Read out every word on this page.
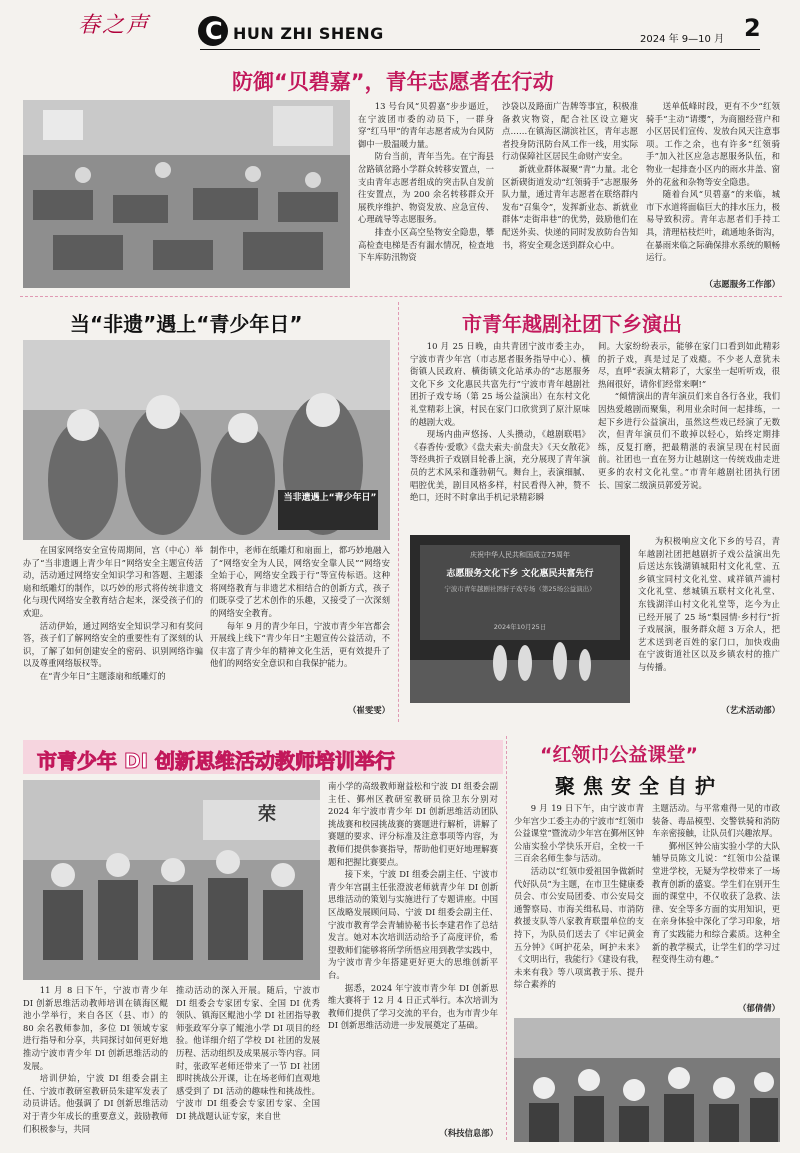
春之声 C HUN ZHI SHENG	2024 年 9—10 月 2
防御“贝碧嘉”，青年志愿者在行动

13 号台风“贝碧嘉”步步逼近，在宁波团市委的动员下，一群身穿“红马甲”的青年志愿者成为台风防御中一股温暖力量。

防台当前，青年当先。在宁海县岔路镇岔路小学群众转移安置点，一支由青年志愿者组成的突击队自发前往安置点，为 200 余名转移群众开展秩序维护、物资发放、应急宣传、心理疏导等志愿服务。

排查小区高空坠物安全隐患，攀高检查电梯是否有漏水情况，检查地下车库防汛物资

沙袋以及路面广告牌等事宜，积极准备救灾物资，配合社区设立避灾点……在镇海区湖滨社区，青年志愿者投身防汛防台风工作一线，用实际行动保障社区居民生命财产安全。

新就业群体凝聚“青”力量。北仑区新碶街道发动“红领骑手”志愿服务队力量，通过青年志愿者在联络群内发布“召集令”，发挥新业态、新就业群体“走街串巷”的优势，鼓励他们在配送外卖、快递的同时发放防台告知书，将安全观念送到群众心中。

送单低峰时段，更有不少“红领骑手”主动“请缨”，为商圈经营户和小区居民们宣传、发放台风天注意事项。工作之余，也有许多“红领骑手”加入社区应急志愿服务队伍，和物业一起排查小区内的雨水井盖、窗外的花盆和杂物等安全隐患。

随着台风“贝碧嘉”的来临，城市下水道将面临巨大的排水压力，极易导致积涝。青年志愿者们手持工具，清理枯枝烂叶，疏通地条街沟，在暴雨来临之际确保排水系统的顺畅运行。

（志愿服务工作部）
当“非遗”遇上“青少年日”
当非遗遇上“青少年日”

在国家网络安全宣传周期间，宫（中心）举办了“当非遗遇上青少年日”网络安全主题宣传活动，活动通过网络安全知识学习和答题、主题漆扇和纸雕灯的制作，以巧妙的形式将传统非遗文化与现代网络安全教育结合起来，深受孩子们的欢迎。

活动伊始，通过网络安全知识学习和有奖问答，孩子们了解网络安全的重要性有了深刻的认识，了解了如何创建安全的密码、识别网络诈骗以及尊重网络版权等。

在“青少年日”主题漆扇和纸雕灯的

制作中，老师在纸雕灯和扇面上，都巧妙地融入了“网络安全为人民，网络安全靠人民”“网络安全始于心，网络安全践于行”等宣传标语。这种将网络教育与非遗艺术相结合的创新方式，孩子们既享受了艺术创作的乐趣，又接受了一次深刻的网络安全教育。

每年 9 月的青少年日，宁波市青少年宫都会开展线上线下“青少年日”主题宣传公益活动，不仅丰富了青少年的精神文化生活，更有效提升了他们的网络安全意识和自我保护能力。

（崔雯雯）
市青年越剧社团下乡演出

10 月 25 日晚，由共青团宁波市委主办，宁波市青少年宫（市志愿者服务指导中心）、横街镇人民政府、横街镇文化站承办的“志愿服务文化下乡 文化惠民共富先行”宁波市青年越剧社团折子戏专场（第 25 场公益演出）在东村文化礼堂精彩上演，村民在家门口欣赏到了原汁原味的越剧大戏。

现场内曲声悠扬、人头攒动，《越剧联唱》《春香传·爱歌》《盘夫索夫·前盘夫》《天女散花》等经典折子戏剧目轮番上演，充分展现了青年演员的艺术风采和蓬勃朝气。舞台上，表演细腻、唱腔优美，剧目风格多样，村民看得入神，赞不绝口，还时不时拿出手机记录精彩瞬

间。大家纷纷表示，能够在家门口看到如此精彩的折子戏，真是过足了戏瘾。不少老人意犹未尽，直呼“表演太精彩了，大家坐一起听听戏，很热闹很好，请你们经常来啊!”

“倾情演出的青年演员们来自各行各业，我们因热爱越剧而聚集，利用业余时间一起排练，一起下乡进行公益演出，虽然这些戏已经演了无数次，但青年演员们不敢掉以轻心，始终定期排练，反复打磨，把最精湛的表演呈现在村民面前。社团也一直在努力让越剧这一传统戏曲走进更多的农村文化礼堂。”市青年越剧社团执行团长、国家二级演员郭爱芳说。

庆祝中华人民共和国成立75周年
志愿服务文化下乡 文化惠民共富先行
宁波市青年越剧社团折子戏专场（第25场公益演出）
2024年10月25日

为积极响应文化下乡的号召，青年越剧社团把越剧折子戏公益演出先后送达东钱湖镇城阳村文化礼堂、五乡镇宝同村文化礼堂、咸祥镇芦浦村文化礼堂、慈城镇五联村文化礼堂、东钱湖洋山村文化礼堂等，迄今为止已经开展了 25 场“梨园情·乡村行”折子戏展演，服务群众超 3 万余人，把艺术送到老百姓的家门口，加快戏曲在宁波街道社区以及乡镇农村的推广与传播。

（艺术活动部）
市青少年 DI 创新思维活动教师培训举行
荣

11 月 8 日下午，宁波市青少年 DI 创新思维活动教师培训在镇海区鲲池小学举行，来自各区（县、市）的 80 余名教师参加，多位 DI 领域专家进行指导和分享，共同探讨如何更好地推动宁波市青少年 DI 创新思维活动的发展。

培训伊始，宁波 DI 组委会副主任、宁波市教研室教研员朱建军发表了动员讲话。他强调了 DI 创新思维活动对于青少年成长的重要意义，鼓励教师们积极参与，共同

推动活动的深入开展。随后，宁波市 DI 组委会专家团专家、全国 DI 优秀领队、镇海区鲲池小学 DI 社团指导教师张政军分享了鲲池小学 DI 项目的经验。他详细介绍了学校 DI 社团的发展历程、活动组织及成果展示等内容。同时，张政军老师还带来了一节 DI 社团即时挑战公开课，让在场老师们直观地感受到了 DI 活动的趣味性和挑战性。宁波市 DI 组委会专家团专家、全国 DI 挑战题认证专家，来自世

南小学的高级教师谢益松和宁波 DI 组委会副主任、鄞州区教研室教研员徐卫东分别对 2024 年宁波市青少年 DI 创新思维活动团队挑战赛和校园挑战赛的赛题进行解析，讲解了赛题的要求、评分标准及注意事项等内容，为教师们提供参赛指导，帮助他们更好地理解赛题和把握比赛要点。

接下来，宁波 DI 组委会副主任、宁波市青少年宫副主任张澄波老师就青少年 DI 创新思维活动的策划与实施进行了专题讲座。中国区战略发展顾问局、宁波 DI 组委会副主任、宁波市教育学会青辅协秘书长李建君作了总结发言。她对本次培训活动给予了高度评价，希望教师们能够将所学所悟应用到教学实践中，为宁波市青少年搭建更好更大的思维创新平台。

据悉，2024 年宁波市青少年 DI 创新思维大赛将于 12 月 4 日正式举行。本次培训为教师们提供了学习交流的平台，也为市青少年 DI 创新思维活动进一步发展奠定了基础。

（科技信息部）
“红领巾公益课堂”
聚焦安全自护

9 月 19 日下午，由宁波市青少年宫少工委主办的宁波市“红领巾公益课堂”暨流动少年宫在鄞州区钟公庙实验小学快乐开启，全校一千三百余名师生参与活动。

活动以“红领巾爱祖国争做新时代好队员”为主题，在市卫生健康委员会、市公安局团委、市公安局交通警察局、市海关缉私局、市消防救援支队等八家教育联盟单位的支持下，为队员们送去了《牢记黄金五分钟》《呵护花朵，呵护未来》《文明出行，我能行》《建设有我，未来有我》等八项寓教于乐、提升综合素养的

主题活动。与平常难得一见的市政装备、毒品模型、交警铁骑和消防车亲密接触，让队员们兴趣浓厚。

鄞州区钟公庙实验小学的大队辅导员陈文儿说：“红领巾公益课堂进学校，无疑为学校带来了一场教育创新的盛宴。学生们在别开生面的课堂中，不仅收获了急救、法律、安全等多方面的实用知识，更在亲身体验中深化了学习印象，培育了实践能力和综合素质。这种全新的教学模式，让学生们的学习过程变得生动有趣。”

（郁倩倩）
